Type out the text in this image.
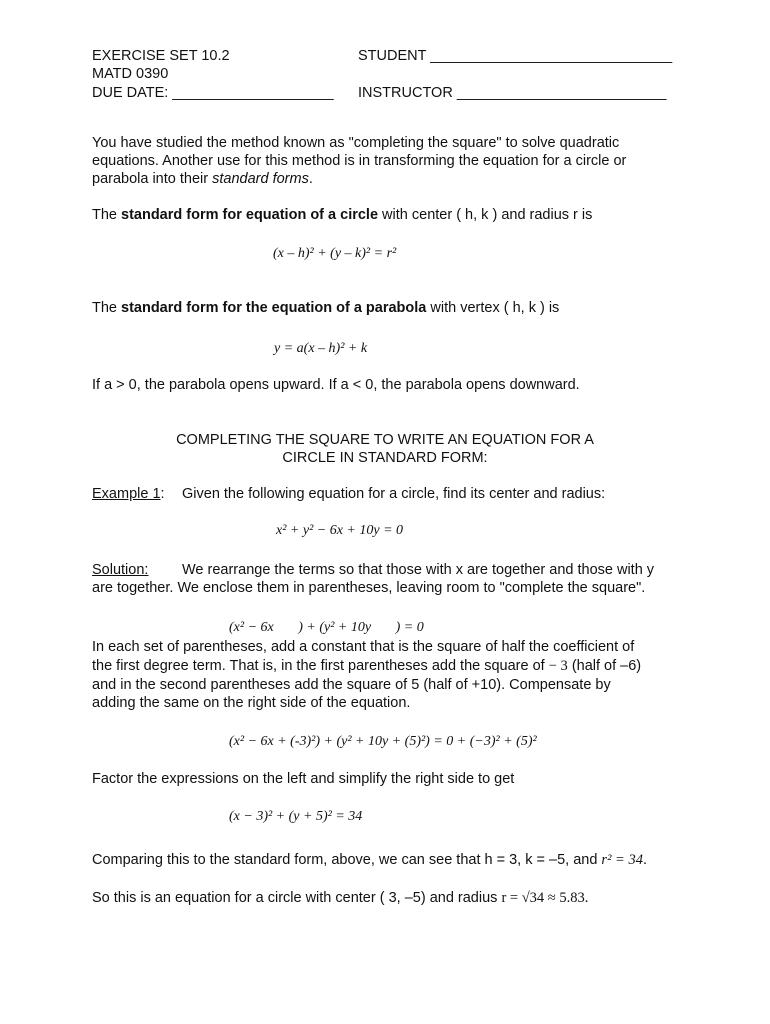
EXERCISE SET 10.2
MATD 0390
DUE DATE: ____________________
STUDENT ______________________________
INSTRUCTOR __________________________
You have studied the method known as "completing the square" to solve quadratic
equations. Another use for this method is in transforming the equation for a circle or
parabola into their standard forms.
The standard form for equation of a circle with center ( h, k ) and radius r is
(x – h)² + (y – k)² = r²
The standard form for the equation of a parabola with vertex ( h, k ) is
y = a(x – h)² + k
If a > 0, the parabola opens upward. If a < 0, the parabola opens downward.
COMPLETING THE SQUARE TO WRITE AN EQUATION FOR A
CIRCLE IN STANDARD FORM:
Example 1: Given the following equation for a circle, find its center and radius:
x² + y² − 6x + 10y = 0
Solution: We rearrange the terms so that those with x are together and those with y
are together. We enclose them in parentheses, leaving room to "complete the square".
(x² − 6x       ) + (y² + 10y       ) = 0
In each set of parentheses, add a constant that is the square of half the coefficient of
the first degree term. That is, in the first parentheses add the square of − 3 (half of –6)
and in the second parentheses add the square of 5 (half of +10). Compensate by
adding the same on the right side of the equation.
(x² − 6x + (-3)²) + (y² + 10y + (5)²) = 0 + (−3)² + (5)²
Factor the expressions on the left and simplify the right side to get
(x − 3)² + (y + 5)² = 34
Comparing this to the standard form, above, we can see that h = 3, k = –5, and r² = 34.
So this is an equation for a circle with center ( 3, –5) and radius r = √34 ≈ 5.83.
